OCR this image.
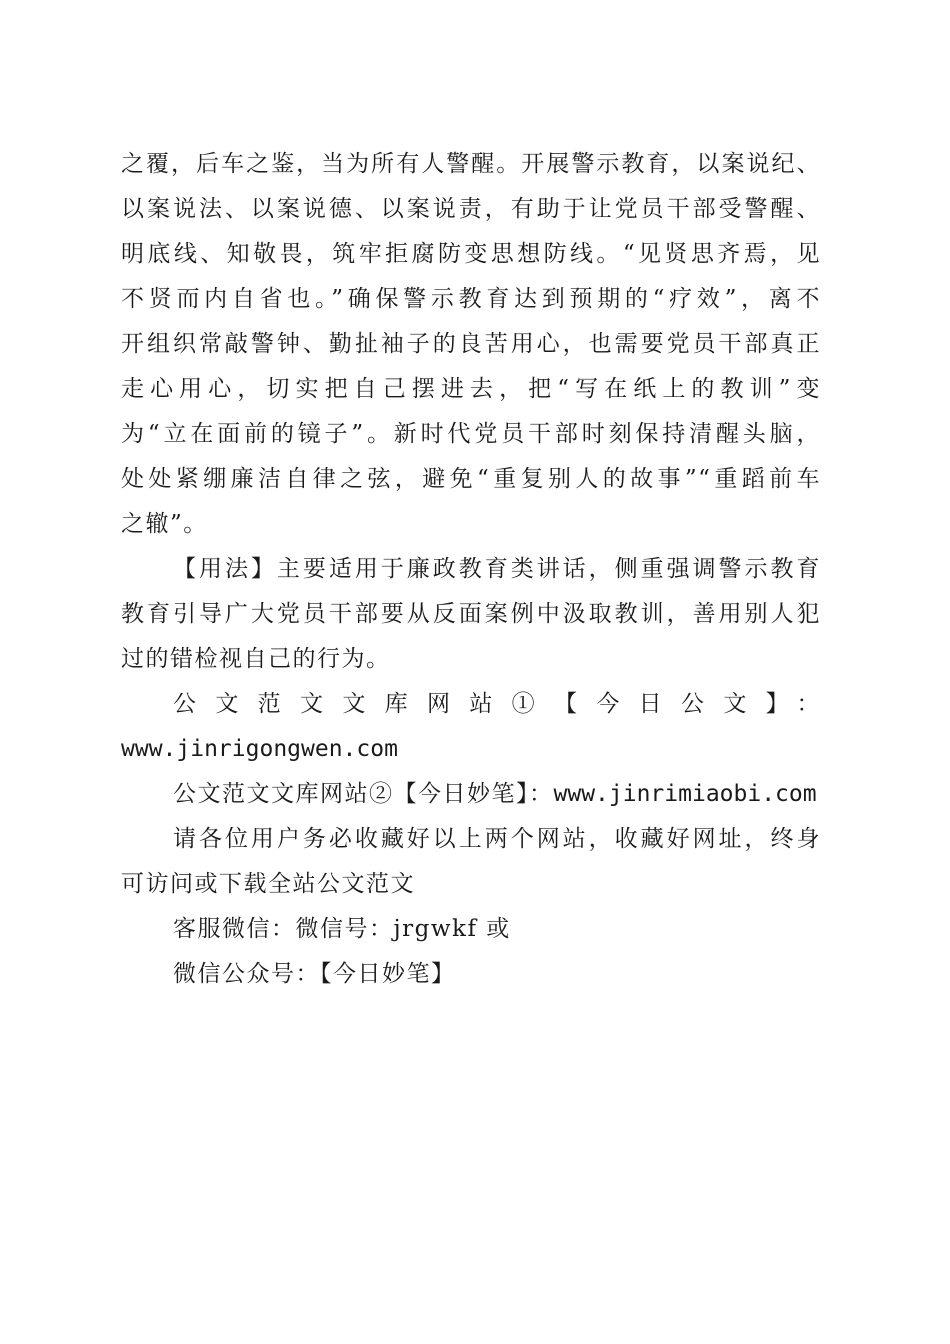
之覆，后车之鉴，当为所有人警醒。开展警示教育，以案说纪、
以案说法、以案说德、以案说责，有助于让党员干部受警醒、
明底线、知敬畏，筑牢拒腐防变思想防线。“见贤思齐焉，见
不贤而内自省也。”确保警示教育达到预期的“疗效”，离不
开组织常敲警钟、勤扯袖子的良苦用心，也需要党员干部真正
走心用心，切实把自己摆进去，把“写在纸上的教训”变
为“立在面前的镜子”。新时代党员干部时刻保持清醒头脑，
处处紧绷廉洁自律之弦，避免“重复别人的故事”“重蹈前车
之辙”。
【用法】主要适用于廉政教育类讲话，侧重强调警示教育
教育引导广大党员干部要从反面案例中汲取教训，善用别人犯
过的错检视自己的行为。
公文范文文库网站①【今日公文】：
www.jinrigongwen.com
公文范文文库网站②【今日妙笔】：www.jinrimiaobi.com
请各位用户务必收藏好以上两个网站，收藏好网址，终身
可访问或下载全站公文范文
客服微信：微信号：jrgwkf 或
微信公众号：【今日妙笔】
